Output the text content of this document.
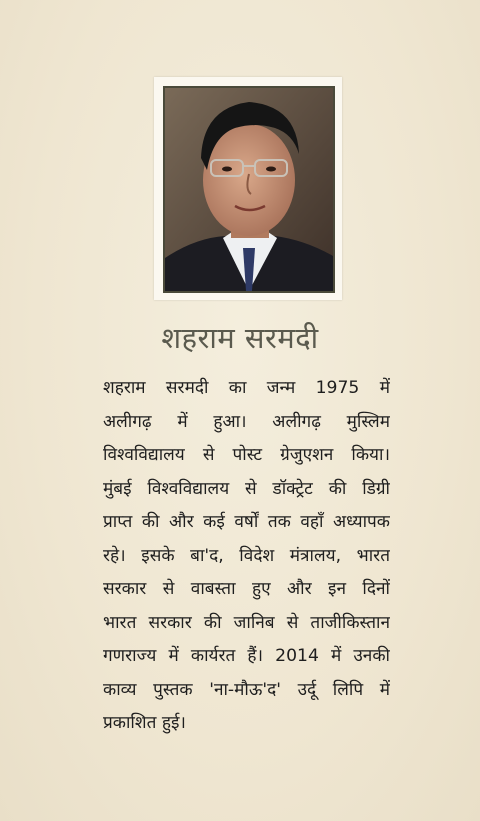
शहराम सरमदी
शहराम सरमदी का जन्म 1975 में
अलीगढ़ में हुआ। अलीगढ़ मुस्लिम
विश्वविद्यालय से पोस्ट ग्रेजुएशन किया।
मुंबई विश्वविद्यालय से डॉक्ट्रेट की डिग्री
प्राप्त की और कई वर्षों तक वहाँ अध्यापक
रहे। इसके बा'द, विदेश मंत्रालय, भारत
सरकार से वाबस्ता हुए और इन दिनों
भारत सरकार की जानिब से ताजीकिस्तान
गणराज्य में कार्यरत हैं। 2014 में उनकी
काव्य पुस्तक 'ना-मौऊ'द' उर्दू लिपि में
प्रकाशित हुई।
